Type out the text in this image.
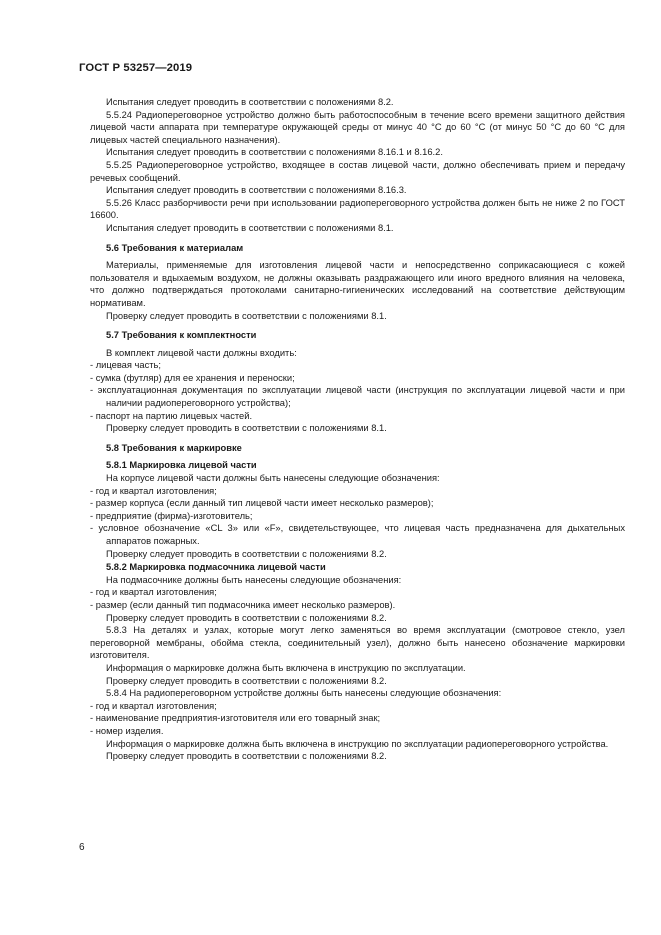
ГОСТ Р 53257—2019

Испытания следует проводить в соответствии с положениями 8.2.

5.5.24 Радиопереговорное устройство должно быть работоспособным в течение всего времени защитного действия лицевой части аппарата при температуре окружающей среды от минус 40 °С до 60 °С (от минус 50 °С до 60 °С для лицевых частей специального назначения).

Испытания следует проводить в соответствии с положениями 8.16.1 и 8.16.2.

5.5.25 Радиопереговорное устройство, входящее в состав лицевой части, должно обеспечивать прием и передачу речевых сообщений.

Испытания следует проводить в соответствии с положениями 8.16.3.

5.5.26 Класс разборчивости речи при использовании радиопереговорного устройства должен быть не ниже 2 по ГОСТ 16600.

Испытания следует проводить в соответствии с положениями 8.1.

5.6 Требования к материалам

Материалы, применяемые для изготовления лицевой части и непосредственно соприкасающиеся с кожей пользователя и вдыхаемым воздухом, не должны оказывать раздражающего или иного вредного влияния на человека, что должно подтверждаться протоколами санитарно-гигиенических исследований на соответствие действующим нормативам.

Проверку следует проводить в соответствии с положениями 8.1.

5.7 Требования к комплектности

В комплект лицевой части должны входить:

- лицевая часть;

- сумка (футляр) для ее хранения и переноски;

- эксплуатационная документация по эксплуатации лицевой части (инструкция по эксплуатации лицевой части и при наличии радиопереговорного устройства);

- паспорт на партию лицевых частей.

Проверку следует проводить в соответствии с положениями 8.1.

5.8 Требования к маркировке

5.8.1 Маркировка лицевой части

На корпусе лицевой части должны быть нанесены следующие обозначения:

- год и квартал изготовления;

- размер корпуса (если данный тип лицевой части имеет несколько размеров);

- предприятие (фирма)-изготовитель;

- условное обозначение «CL 3» или «F», свидетельствующее, что лицевая часть предназначена для дыхательных аппаратов пожарных.

Проверку следует проводить в соответствии с положениями 8.2.

5.8.2 Маркировка подмасочника лицевой части

На подмасочнике должны быть нанесены следующие обозначения:

- год и квартал изготовления;

- размер (если данный тип подмасочника имеет несколько размеров).

Проверку следует проводить в соответствии с положениями 8.2.

5.8.3 На деталях и узлах, которые могут легко заменяться во время эксплуатации (смотровое стекло, узел переговорной мембраны, обойма стекла, соединительный узел), должно быть нанесено обозначение маркировки изготовителя.

Информация о маркировке должна быть включена в инструкцию по эксплуатации.

Проверку следует проводить в соответствии с положениями 8.2.

5.8.4 На радиопереговорном устройстве должны быть нанесены следующие обозначения:

- год и квартал изготовления;

- наименование предприятия-изготовителя или его товарный знак;

- номер изделия.

Информация о маркировке должна быть включена в инструкцию по эксплуатации радиопереговорного устройства.

Проверку следует проводить в соответствии с положениями 8.2.

6
